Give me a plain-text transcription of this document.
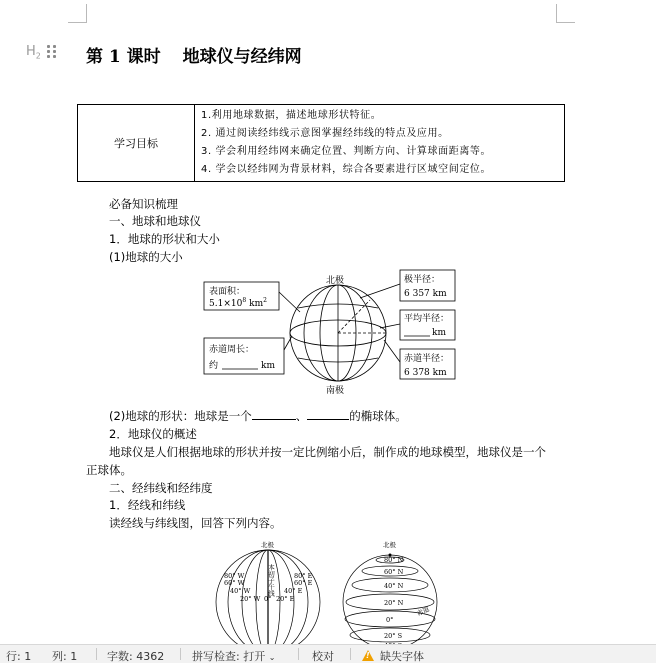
$H_2$	第 1 课时 地球仪与经纬网
学习目标	
1.利用地球数据，描述地球形状特征。
2. 通过阅读经纬线示意图掌握经纬线的特点及应用。
3. 学会利用经纬网来确定位置、判断方向、计算球面距离等。
4. 学会以经纬网为背景材料，综合各要素进行区域空间定位。
必备知识梳理
一、地球和地球仪
1．地球的形状和大小
(1)地球的大小
北极
南极
表面积：
$5.1\times 10^8$ $km^2$
赤道周长：
约	km
极半径：
6 357 km
平均半径：
km
赤道半径：
6 378 km
(2)地球的形状：地球是一个	、	的椭球体。
2．地球仪的概述
地球仪是人们根据地球的形状并按一定比例缩小后，制作成的地球模型，地球仪是一个
正球体。
二、经纬线和经纬度
1．经线和纬线
读经线与纬线图，回答下列内容。
北极	北极
本初子午线
80° W
60° W
40° W
20° W
80° E
60° E
40° E
20° E
0°
80° N
60° N
40° N
20° N
0°
20° S
赤道
行: 1 列: 1	字数: 4362	拼写检查: 打开 ⌄	校对
!	缺失字体
